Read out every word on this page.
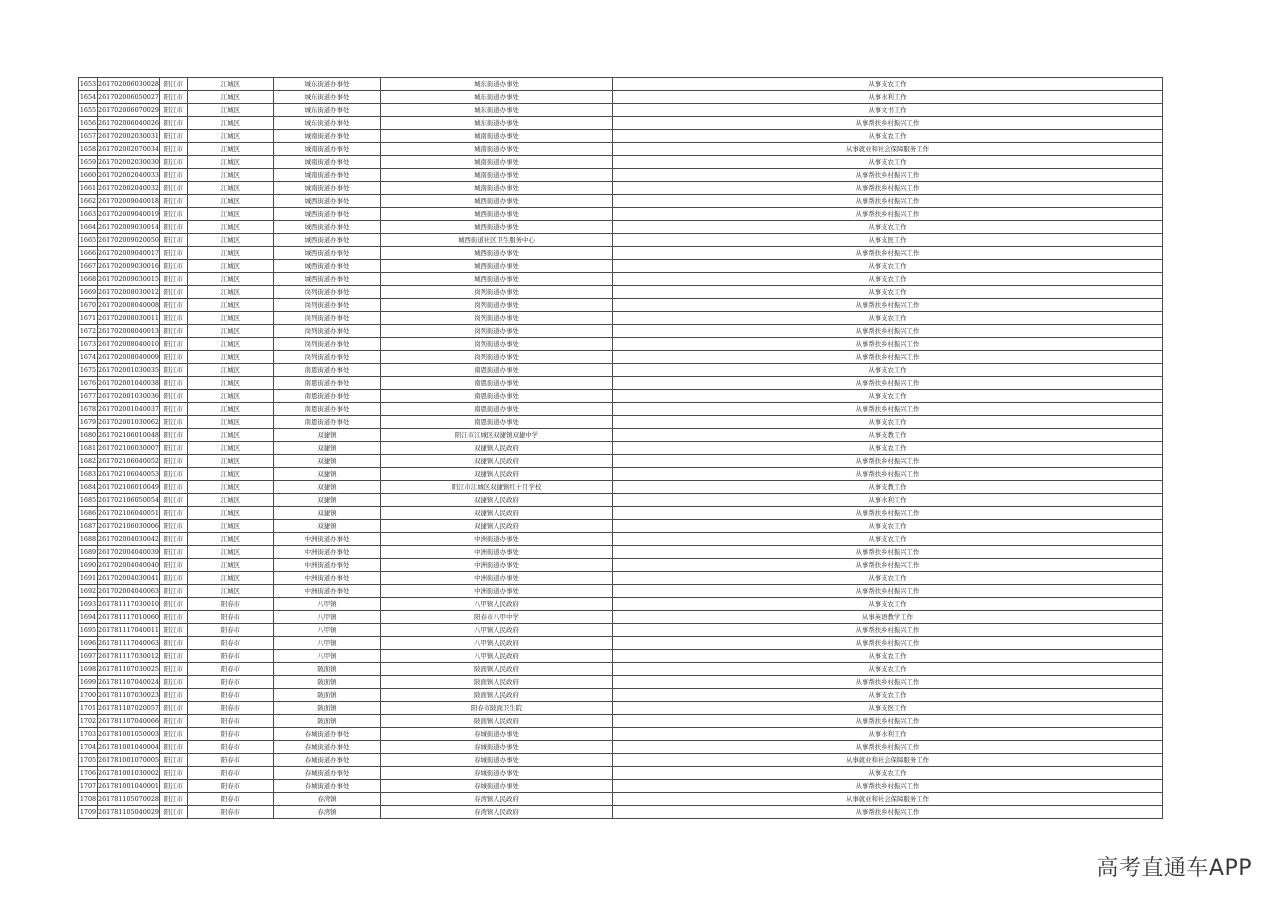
1653	261702006030028	阳江市	江城区	城东街道办事处	城东街道办事处	从事支农工作
1654	261702006050027	阳江市	江城区	城东街道办事处	城东街道办事处	从事水利工作
1655	261702006070029	阳江市	江城区	城东街道办事处	城东街道办事处	从事文书工作
1656	261702006040026	阳江市	江城区	城东街道办事处	城东街道办事处	从事帮扶乡村振兴工作
1657	261702002030031	阳江市	江城区	城南街道办事处	城南街道办事处	从事支农工作
1658	261702002070034	阳江市	江城区	城南街道办事处	城南街道办事处	从事就业和社会保障服务工作
1659	261702002030030	阳江市	江城区	城南街道办事处	城南街道办事处	从事支农工作
1660	261702002040033	阳江市	江城区	城南街道办事处	城南街道办事处	从事帮扶乡村振兴工作
1661	261702002040032	阳江市	江城区	城南街道办事处	城南街道办事处	从事帮扶乡村振兴工作
1662	261702009040018	阳江市	江城区	城西街道办事处	城西街道办事处	从事帮扶乡村振兴工作
1663	261702009040019	阳江市	江城区	城西街道办事处	城西街道办事处	从事帮扶乡村振兴工作
1664	261702009030014	阳江市	江城区	城西街道办事处	城西街道办事处	从事支农工作
1665	261702009020050	阳江市	江城区	城西街道办事处	城西街道社区卫生服务中心	从事支医工作
1666	261702009040017	阳江市	江城区	城西街道办事处	城西街道办事处	从事帮扶乡村振兴工作
1667	261702009030016	阳江市	江城区	城西街道办事处	城西街道办事处	从事支农工作
1668	261702009030015	阳江市	江城区	城西街道办事处	城西街道办事处	从事支农工作
1669	261702008030012	阳江市	江城区	岗列街道办事处	岗列街道办事处	从事支农工作
1670	261702008040008	阳江市	江城区	岗列街道办事处	岗列街道办事处	从事帮扶乡村振兴工作
1671	261702008030011	阳江市	江城区	岗列街道办事处	岗列街道办事处	从事支农工作
1672	261702008040013	阳江市	江城区	岗列街道办事处	岗列街道办事处	从事帮扶乡村振兴工作
1673	261702008040010	阳江市	江城区	岗列街道办事处	岗列街道办事处	从事帮扶乡村振兴工作
1674	261702008040009	阳江市	江城区	岗列街道办事处	岗列街道办事处	从事帮扶乡村振兴工作
1675	261702001030035	阳江市	江城区	南恩街道办事处	南恩街道办事处	从事支农工作
1676	261702001040038	阳江市	江城区	南恩街道办事处	南恩街道办事处	从事帮扶乡村振兴工作
1677	261702001030036	阳江市	江城区	南恩街道办事处	南恩街道办事处	从事支农工作
1678	261702001040037	阳江市	江城区	南恩街道办事处	南恩街道办事处	从事帮扶乡村振兴工作
1679	261702001030062	阳江市	江城区	南恩街道办事处	南恩街道办事处	从事支农工作
1680	261702106010048	阳江市	江城区	双捷镇	阳江市江城区双捷镇双捷中学	从事支教工作
1681	261702106030007	阳江市	江城区	双捷镇	双捷镇人民政府	从事支农工作
1682	261702106040052	阳江市	江城区	双捷镇	双捷镇人民政府	从事帮扶乡村振兴工作
1683	261702106040053	阳江市	江城区	双捷镇	双捷镇人民政府	从事帮扶乡村振兴工作
1684	261702106010049	阳江市	江城区	双捷镇	阳江市江城区双捷镇红十月学校	从事支教工作
1685	261702106050054	阳江市	江城区	双捷镇	双捷镇人民政府	从事水利工作
1686	261702106040051	阳江市	江城区	双捷镇	双捷镇人民政府	从事帮扶乡村振兴工作
1687	261702106030006	阳江市	江城区	双捷镇	双捷镇人民政府	从事支农工作
1688	261702004030042	阳江市	江城区	中洲街道办事处	中洲街道办事处	从事支农工作
1689	261702004040039	阳江市	江城区	中洲街道办事处	中洲街道办事处	从事帮扶乡村振兴工作
1690	261702004040040	阳江市	江城区	中洲街道办事处	中洲街道办事处	从事帮扶乡村振兴工作
1691	261702004030041	阳江市	江城区	中洲街道办事处	中洲街道办事处	从事支农工作
1692	261702004040063	阳江市	江城区	中洲街道办事处	中洲街道办事处	从事帮扶乡村振兴工作
1693	261781117030010	阳江市	阳春市	八甲镇	八甲镇人民政府	从事支农工作
1694	261781117010060	阳江市	阳春市	八甲镇	阳春市八甲中学	从事英语教学工作
1695	261781117040011	阳江市	阳春市	八甲镇	八甲镇人民政府	从事帮扶乡村振兴工作
1696	261781117040063	阳江市	阳春市	八甲镇	八甲镇人民政府	从事帮扶乡村振兴工作
1697	261781117030012	阳江市	阳春市	八甲镇	八甲镇人民政府	从事支农工作
1698	261781107030025	阳江市	阳春市	陂面镇	陂面镇人民政府	从事支农工作
1699	261781107040024	阳江市	阳春市	陂面镇	陂面镇人民政府	从事帮扶乡村振兴工作
1700	261781107030023	阳江市	阳春市	陂面镇	陂面镇人民政府	从事支农工作
1701	261781107020057	阳江市	阳春市	陂面镇	阳春市陂面卫生院	从事支医工作
1702	261781107040066	阳江市	阳春市	陂面镇	陂面镇人民政府	从事帮扶乡村振兴工作
1703	261781001050003	阳江市	阳春市	春城街道办事处	春城街道办事处	从事水利工作
1704	261781001040004	阳江市	阳春市	春城街道办事处	春城街道办事处	从事帮扶乡村振兴工作
1705	261781001070005	阳江市	阳春市	春城街道办事处	春城街道办事处	从事就业和社会保障服务工作
1706	261781001030002	阳江市	阳春市	春城街道办事处	春城街道办事处	从事支农工作
1707	261781001040001	阳江市	阳春市	春城街道办事处	春城街道办事处	从事帮扶乡村振兴工作
1708	261781105070028	阳江市	阳春市	春湾镇	春湾镇人民政府	从事就业和社会保障服务工作
1709	261781105040029	阳江市	阳春市	春湾镇	春湾镇人民政府	从事帮扶乡村振兴工作
高考直通车APP
